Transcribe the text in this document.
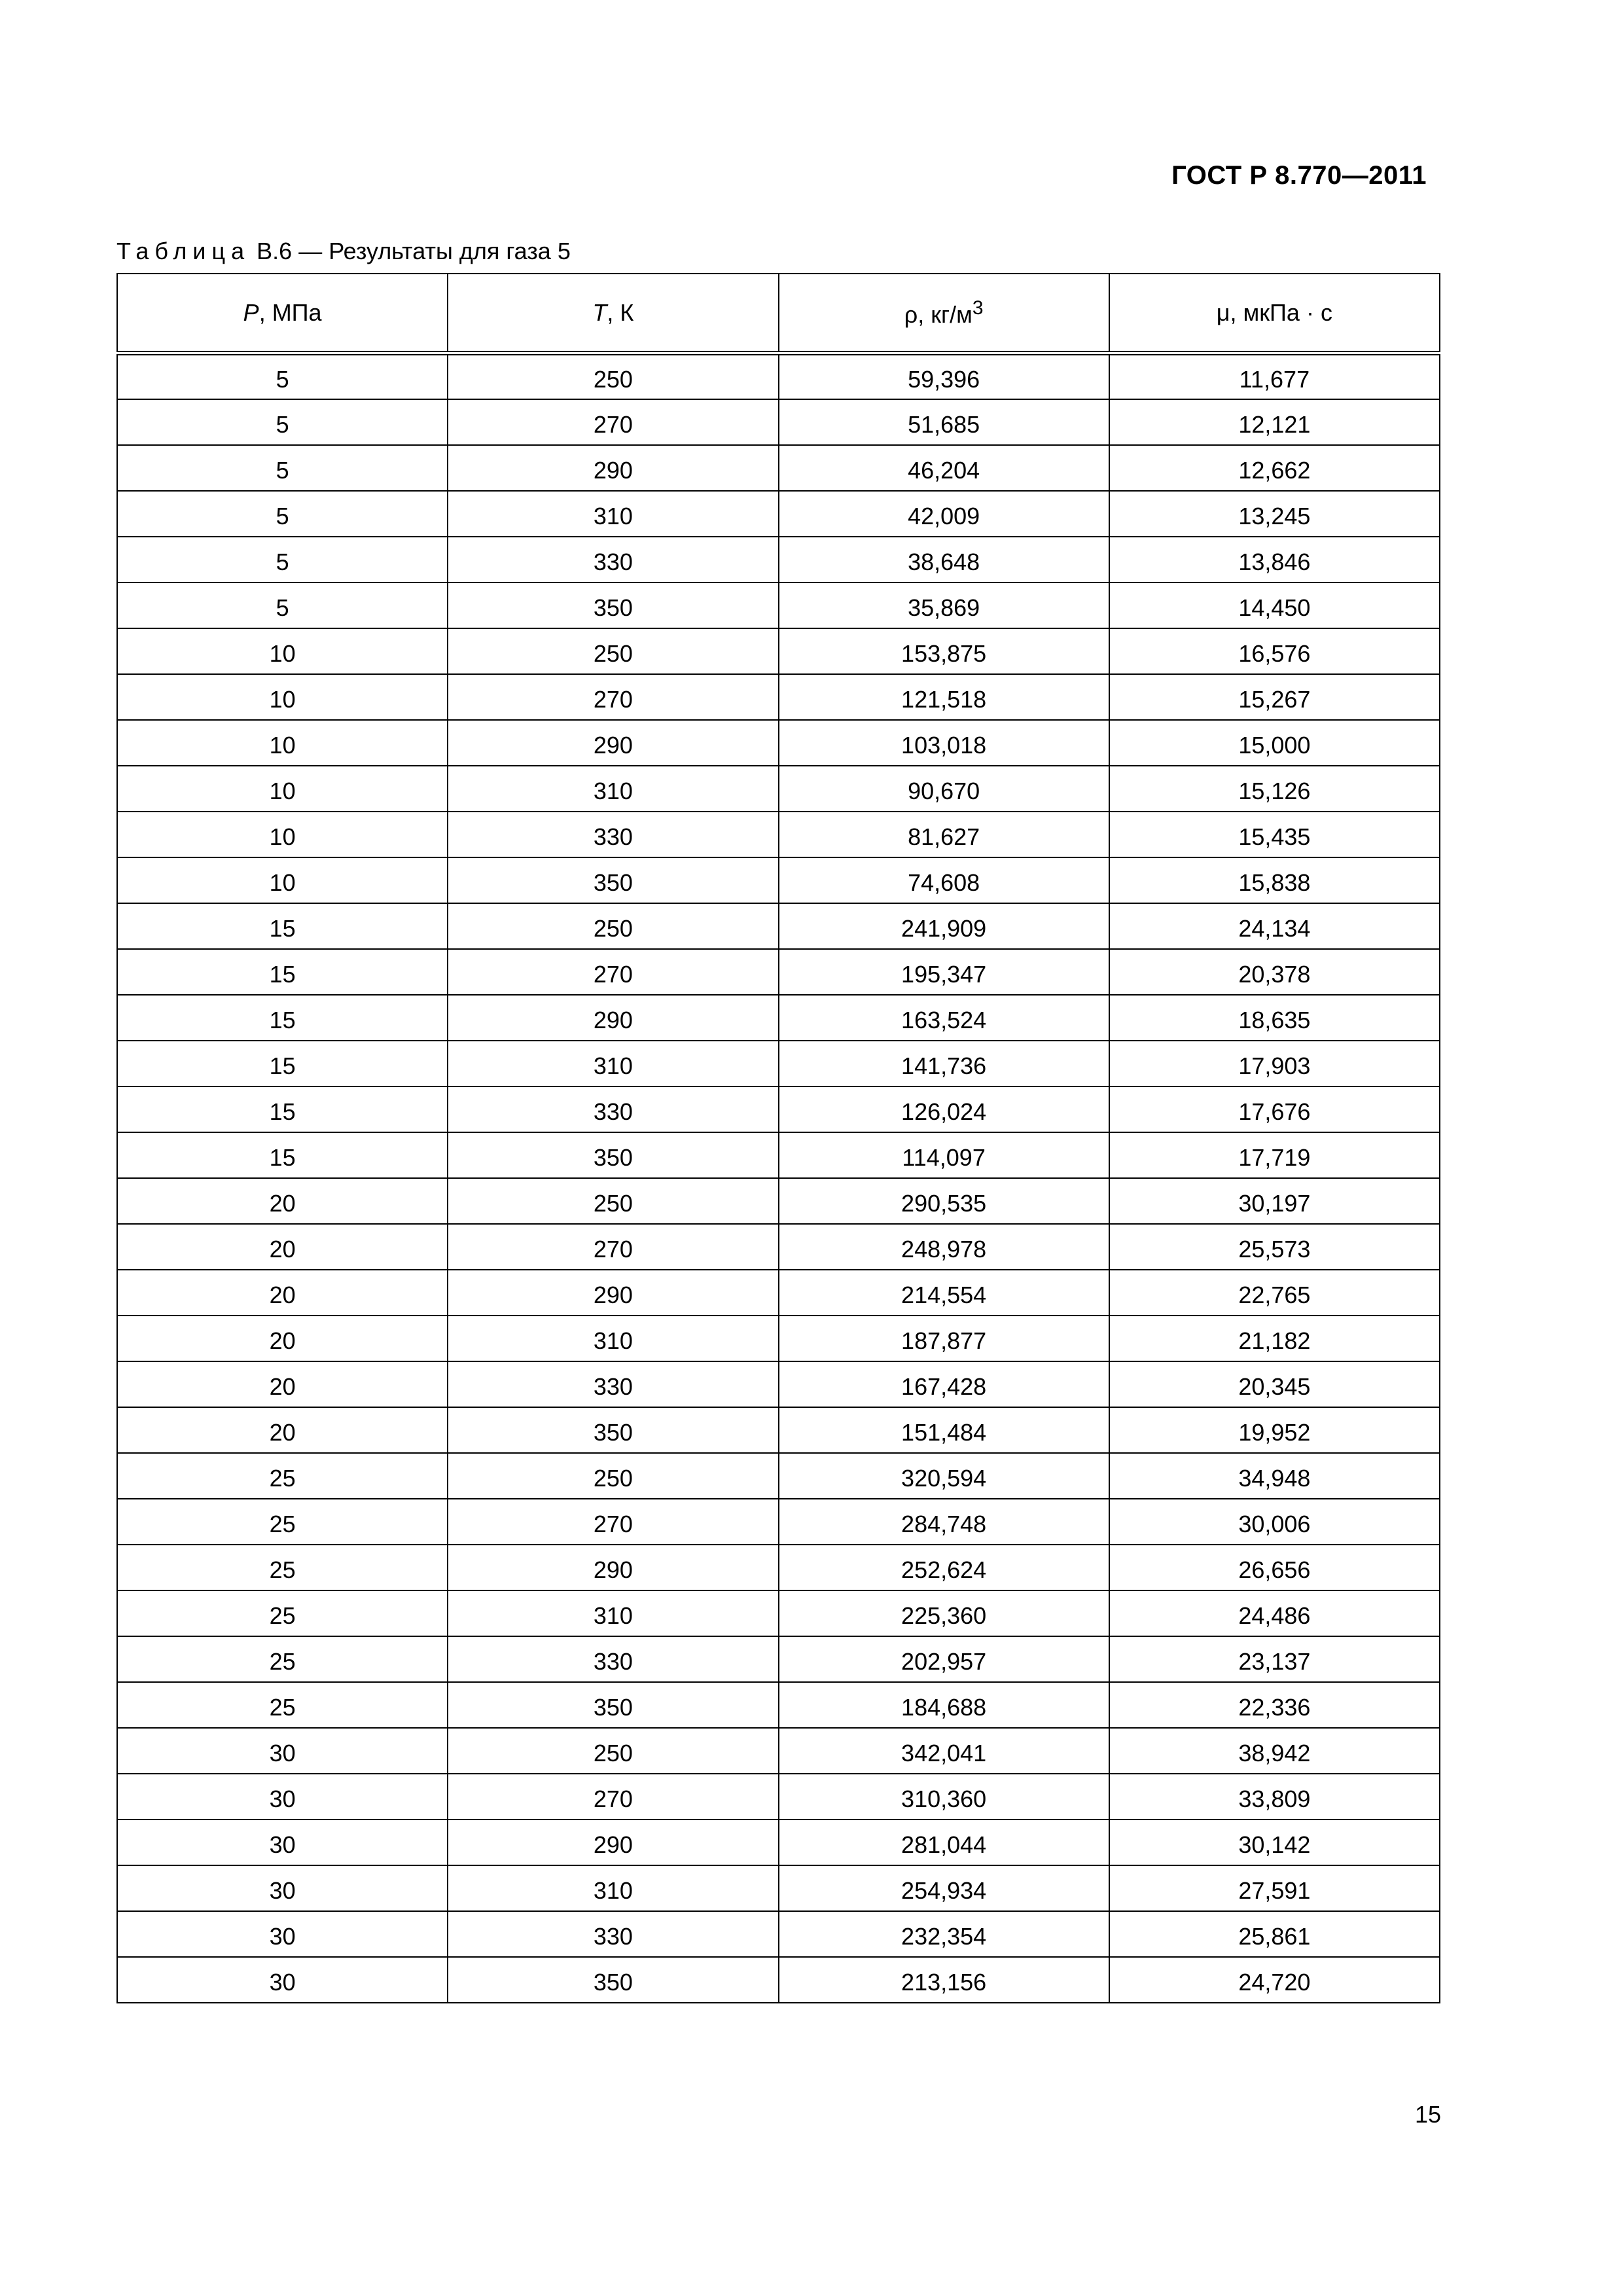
ГОСТ Р 8.770—2011
Таблица В.6 — Результаты для газа 5
P, МПа	T, К	ρ, $кг/м^3$	μ, мкПа · с
5	250	59,396	11,677
5	270	51,685	12,121
5	290	46,204	12,662
5	310	42,009	13,245
5	330	38,648	13,846
5	350	35,869	14,450
10	250	153,875	16,576
10	270	121,518	15,267
10	290	103,018	15,000
10	310	90,670	15,126
10	330	81,627	15,435
10	350	74,608	15,838
15	250	241,909	24,134
15	270	195,347	20,378
15	290	163,524	18,635
15	310	141,736	17,903
15	330	126,024	17,676
15	350	114,097	17,719
20	250	290,535	30,197
20	270	248,978	25,573
20	290	214,554	22,765
20	310	187,877	21,182
20	330	167,428	20,345
20	350	151,484	19,952
25	250	320,594	34,948
25	270	284,748	30,006
25	290	252,624	26,656
25	310	225,360	24,486
25	330	202,957	23,137
25	350	184,688	22,336
30	250	342,041	38,942
30	270	310,360	33,809
30	290	281,044	30,142
30	310	254,934	27,591
30	330	232,354	25,861
30	350	213,156	24,720
15
